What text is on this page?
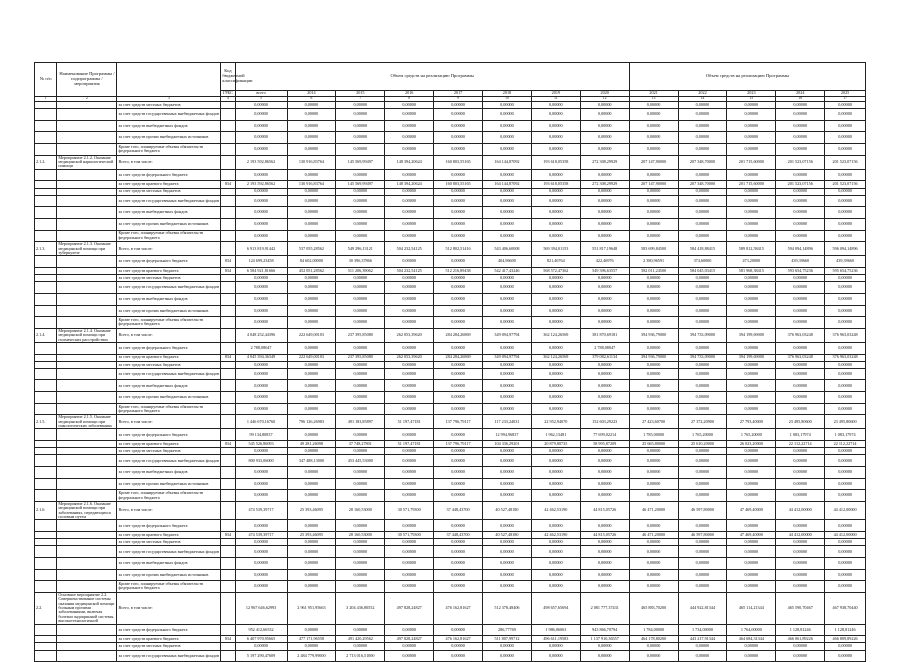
№ п/п	Наименование Программы / подпрограммы / мероприятия		Код бюджетной классификации	Объем средств на реализацию Программы								Объем средств на реализацию Программы				
			ГРБС	всего	2014	2015	2016	2017	2018	2019	2020	2021	2022	2023	2024	2025
1	2	3	4	5	6	7	8	9	10	11	12	13	14	15	16	17
		за счет средств местных бюджетов		0,00000	0,00000	0,00000	0,00000	0,00000	0,00000	0,00000	0,00000	0,00000	0,00000	0,00000	0,00000	0,00000
		за счет средств государственных внебюджетных фондов		0,00000	0,00000	0,00000	0,00000	0,00000	0,00000	0,00000	0,00000	0,00000	0,00000	0,00000	0,00000	0,00000
		за счет средств внебюджетных фондов		0,00000	0,00000	0,00000	0,00000	0,00000	0,00000	0,00000	0,00000	0,00000	0,00000	0,00000	0,00000	0,00000
		за счет средств прочих внебюджетных источников		0,00000	0,00000	0,00000	0,00000	0,00000	0,00000	0,00000	0,00000	0,00000	0,00000	0,00000	0,00000	0,00000
		Кроме того, планируемые объемы обязательств федерального бюджета		0,00000	0,00000	0,00000	0,00000	0,00000	0,00000	0,00000	0,00000	0,00000	0,00000	0,00000	0,00000	0,00000
2.1.2.	Мероприятие 2.1.2. Оказание медицинской наркологической помощи	Всего, в том числе:		2 193 592,86562	130 916,83764	145 569,99497	148 394,20624	160 803,55165	164 144,87092	193 618,05358	272 308,29929	207 147,90000	207 348,70000	201 715,60000	201 523,07156	201 523,07156
		за счет средств федерального бюджета		0,00000	0,00000	0,00000	0,00000	0,00000	0,00000	0,00000	0,00000	0,00000	0,00000	0,00000	0,00000	0,00000
		за счет средств краевого бюджета	834	2 193 592,86562	130 916,83764	145 569,99497	148 394,20624	160 803,55165	164 144,87092	193 618,05358	272 308,29929	207 147,90000	207 348,70000	201 715,60000	201 523,07156	201 523,07156
		за счет средств местных бюджетов		0,00000	0,00000	0,00000	0,00000	0,00000	0,00000	0,00000	0,00000	0,00000	0,00000	0,00000	0,00000	0,00000
		за счет средств государственных внебюджетных фондов		0,00000	0,00000	0,00000	0,00000	0,00000	0,00000	0,00000	0,00000	0,00000	0,00000	0,00000	0,00000	0,00000
		за счет средств внебюджетных фондов		0,00000	0,00000	0,00000	0,00000	0,00000	0,00000	0,00000	0,00000	0,00000	0,00000	0,00000	0,00000	0,00000
		за счет средств прочих внебюджетных источников		0,00000	0,00000	0,00000	0,00000	0,00000	0,00000	0,00000	0,00000	0,00000	0,00000	0,00000	0,00000	0,00000
		Кроме того, планируемые объемы обязательств федерального бюджета		0,00000	0,00000	0,00000	0,00000	0,00000	0,00000	0,00000	0,00000	0,00000	0,00000	0,00000	0,00000	0,00000
2.1.3.	Мероприятие 2.1.3. Оказание медицинской помощи при туберкулезе	Всего, в том числе:		6 913 819,91442	537 055,28562	549 296,13121	504 232,54125	512 802,51416	543 406,60008	569 394,01153	551 817,19648	583 699,84500	584 418,88415	589 812,58415	594 094,14896	596 094,14896
		за счет средств федерального бюджета	834	124 699,23458	84 602,00000	30 396,37866	0,00000	0,00000	404,96600	821,46764	422,46976	2 380,96591	374,60000	473,20000	439,39660	439,39660
		за счет средств краевого бюджета	834	6 584 921,81666	452 051,28562	511 206,39062	504 232,54125	512 216,89438	542 417,43246	568 572,47362	549 396,63557	582 011,24500	584 045,03415	581 968,38415	593 654,75236	595 654,75236
		за счет средств местных бюджетов		0,00000	0,00000	0,00000	0,00000	0,00000	0,00000	0,00000	0,00000	0,00000	0,00000	0,00000	0,00000	0,00000
		за счет средств государственных внебюджетных фондов		0,00000	0,00000	0,00000	0,00000	0,00000	0,00000	0,00000	0,00000	0,00000	0,00000	0,00000	0,00000	0,00000
		за счет средств внебюджетных фондов		0,00000	0,00000	0,00000	0,00000	0,00000	0,00000	0,00000	0,00000	0,00000	0,00000	0,00000	0,00000	0,00000
		за счет средств прочих внебюджетных источников		0,00000	0,00000	0,00000	0,00000	0,00000	0,00000	0,00000	0,00000	0,00000	0,00000	0,00000	0,00000	0,00000
		Кроме того, планируемые объемы обязательств федерального бюджета		0,00000	0,00000	0,00000	0,00000	0,00000	0,00000	0,00000	0,00000	0,00000	0,00000	0,00000	0,00000	0,00000
2.1.4.	Мероприятие 2.1.4. Оказание медицинской помощи при психических расстройствах	Всего, в том числе:		4 048 252,44396	222 649,00103	237 395,85080	262 053,39620	284 284,26869	349 094,97794	362 124,26569	381 870,69181	394 936,79000	394 733,09000	394 199,69000	376 963,03248	376 963,03248
		за счет средств федерального бюджета		2 788,08047	0,00000	0,00000	0,00000	0,00000	0,00000	0,00000	2 788,08047	0,00000	0,00000	0,00000	0,00000	0,00000
		за счет средств краевого бюджета	834	4 045 394,36349	222 649,00103	237 395,85080	262 053,39620	284 284,26869	349 094,97794	362 124,26569	379 082,61134	394 936,79000	394 733,09000	394 199,69000	376 963,03248	376 963,03248
		за счет средств местных бюджетов		0,00000	0,00000	0,00000	0,00000	0,00000	0,00000	0,00000	0,00000	0,00000	0,00000	0,00000	0,00000	0,00000
		за счет средств государственных внебюджетных фондов		0,00000	0,00000	0,00000	0,00000	0,00000	0,00000	0,00000	0,00000	0,00000	0,00000	0,00000	0,00000	0,00000
		за счет средств внебюджетных фондов		0,00000	0,00000	0,00000	0,00000	0,00000	0,00000	0,00000	0,00000	0,00000	0,00000	0,00000	0,00000	0,00000
		за счет средств прочих внебюджетных источников		0,00000	0,00000	0,00000	0,00000	0,00000	0,00000	0,00000	0,00000	0,00000	0,00000	0,00000	0,00000	0,00000
		Кроме того, планируемые объемы обязательств федерального бюджета		0,00000	0,00000	0,00000	0,00000	0,00000	0,00000	0,00000	0,00000	0,00000	0,00000	0,00000	0,00000	0,00000
2.1.5.	Мероприятие 2.1.5. Оказание медицинской помощи при онкологических заболеваниях	Всего, в том числе:		1 446 670,16760	796 126,26983	491 183,85897	51 197,47181	137 796,79117	117 233,24031	22 952,94070	152 603,29223	27 423,60700	27 372,20900	27 793,40000	23 495,80600	23 495,80600
		за счет средств федерального бюджета		99 134,80837	0,00000	0,00000	0,00000	0,00000	12 994,96837	1 962,13481	77 699,02214	1 785,00000	1 765,20000	1 765,20000	1 083,17974	1 083,17974
		за счет средств краевого бюджета	834	545 526,86093	49 281,26098	37 748,27801	51 197,47181	137 796,79117	104 336,29201	20 879,80735	58 995,87209	25 665,80000	25 610,20000	26 023,20000	22 112,22714	22 112,22714
		за счет средств местных бюджетов		0,00000	0,00000	0,00000	0,00000	0,00000	0,00000	0,00000	0,00000	0,00000	0,00000	0,00000	0,00000	0,00000
		за счет средств государственных внебюджетных фондов		800 933,06000	347 488,13000	453 445,53000	0,00000	0,00000	0,00000	0,00000	0,00000	0,00000	0,00000	0,00000	0,00000	0,00000
		за счет средств внебюджетных фондов		0,00000	0,00000	0,00000	0,00000	0,00000	0,00000	0,00000	0,00000	0,00000	0,00000	0,00000	0,00000	0,00000
		за счет средств прочих внебюджетных источников		0,00000	0,00000	0,00000	0,00000	0,00000	0,00000	0,00000	0,00000	0,00000	0,00000	0,00000	0,00000	0,00000
		Кроме того, планируемые объемы обязательств федерального бюджета		0,00000	0,00000	0,00000	0,00000	0,00000	0,00000	0,00000	0,00000	0,00000	0,00000	0,00000	0,00000	0,00000
2.1.6.	Мероприятие 2.1.6. Оказание медицинской помощи при заболеваниях, передающихся половым путем	Всего, в том числе:		474 539,39717	25 393,46095	28 160,53000	30 571,79300	37 448,43700	40 527,48180	42 462,53190	44 815,05726	46 471,20000	46 597,80000	47 469,40000	44 412,00000	44 412,00000
		за счет средств федерального бюджета		0,00000	0,00000	0,00000	0,00000	0,00000	0,00000	0,00000	0,00000	0,00000	0,00000	0,00000	0,00000	0,00000
		за счет средств краевого бюджета	834	474 539,39717	25 393,46095	28 160,53000	30 571,79300	37 448,43700	40 527,48180	42 462,53190	44 815,05726	46 471,20000	46 597,80000	47 469,40000	44 412,00000	44 412,00000
		за счет средств местных бюджетов		0,00000	0,00000	0,00000	0,00000	0,00000	0,00000	0,00000	0,00000	0,00000	0,00000	0,00000	0,00000	0,00000
		за счет средств государственных внебюджетных фондов		0,00000	0,00000	0,00000	0,00000	0,00000	0,00000	0,00000	0,00000	0,00000	0,00000	0,00000	0,00000	0,00000
		за счет средств внебюджетных фондов		0,00000	0,00000	0,00000	0,00000	0,00000	0,00000	0,00000	0,00000	0,00000	0,00000	0,00000	0,00000	0,00000
		за счет средств прочих внебюджетных источников		0,00000	0,00000	0,00000	0,00000	0,00000	0,00000	0,00000	0,00000	0,00000	0,00000	0,00000	0,00000	0,00000
		Кроме того, планируемые объемы обязательств федерального бюджета		0,00000	0,00000	0,00000	0,00000	0,00000	0,00000	0,00000	0,00000	0,00000	0,00000	0,00000	0,00000	0,00000
2.2.	Основное мероприятие 2.2. Совершенствование системы оказания медицинской помощи больным прочими заболеваниями, включая болезни эндокринной системы, высокотехнологичной	Всего, в том числе:		12 967 646,62993	2 961 951,95663	3 204 436,80552	497 828,24827	476 162,81627	512 378,48406	498 657,65694	2 081 777,37431	465 883,70200	444 922,81344	465 114,21344	465 590,70467	467 938,70440
		за счет средств федерального бюджета		952 412,66532	0,00000	0,00000	0,00000	0,00000	286,77769	1 986,06063	943 866,70794	1 784,00000	1 734,00000	1 764,00000	1 128,81246	1 128,81246
		за счет средств краевого бюджета	834	6 407 970,95665	477 171,96558	491 420,29562	497 828,24827	476 162,81627	511 807,99712	496 611,19583	1 137 910,36557	464 178,80200	443 217,91344	464 684,31344	466 061,89226	466 809,89226
		за счет средств местных бюджетов		0,00000	0,00000	0,00000	0,00000	0,00000	0,00000	0,00000	0,00000	0,00000	0,00000	0,00000	0,00000	0,00000
		за счет средств государственных внебюджетных фондов		5 197 290,47609	2 484 779,99000	2 713 016,51000	0,00000	0,00000	0,00000	0,00000	0,00000	0,00000	0,00000	0,00000	0,00000	0,00000
